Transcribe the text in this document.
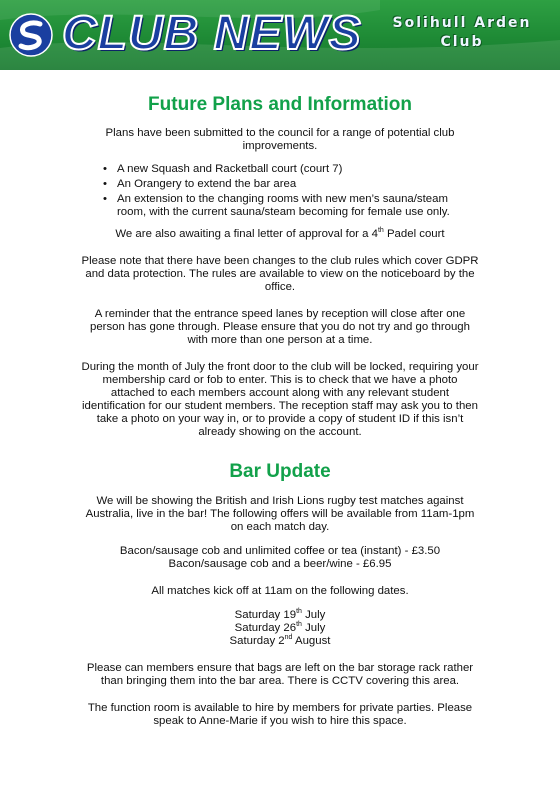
CLUB NEWS	Solihull Arden
Club
Future Plans and Information

Plans have been submitted to the council for a range of potential club improvements.

• A new Squash and Racketball court (court 7)
• An Orangery to extend the bar area
• An extension to the changing rooms with new men’s sauna/steam room, with the current sauna/steam becoming for female use only.

We are also awaiting a final letter of approval for a 4th Padel court

Please note that there have been changes to the club rules which cover GDPR and data protection. The rules are available to view on the noticeboard by the office.

A reminder that the entrance speed lanes by reception will close after one person has gone through. Please ensure that you do not try and go through with more than one person at a time.

During the month of July the front door to the club will be locked, requiring your membership card or fob to enter. This is to check that we have a photo attached to each members account along with any relevant student identification for our student members. The reception staff may ask you to then take a photo on your way in, or to provide a copy of student ID if this isn’t already showing on the account.

Bar Update

We will be showing the British and Irish Lions rugby test matches against Australia, live in the bar! The following offers will be available from 11am-1pm on each match day.

Bacon/sausage cob and unlimited coffee or tea (instant) - £3.50

Bacon/sausage cob and a beer/wine - £6.95

All matches kick off at 11am on the following dates.

Saturday 19th July

Saturday 26th July

Saturday 2nd August

Please can members ensure that bags are left on the bar storage rack rather than bringing them into the bar area. There is CCTV covering this area.

The function room is available to hire by members for private parties. Please speak to Anne-Marie if you wish to hire this space.
